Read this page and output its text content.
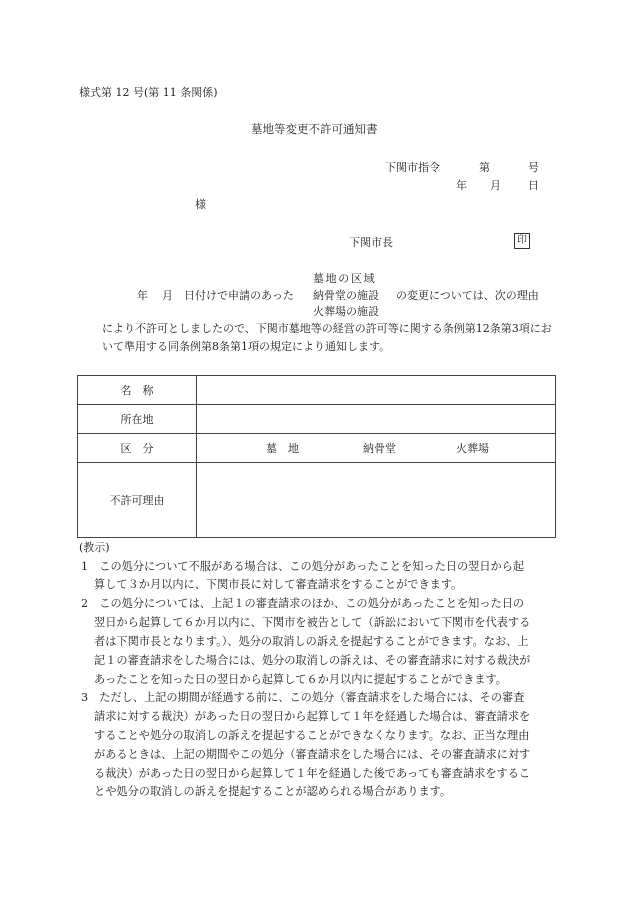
様式第 12 号(第 11 条関係)
墓地等変更不許可通知書
下関市指令	第	号
年 月 日
様
下関市長	印
墓地の区域
年 月 日付けで申請のあった 納骨堂の施設 の変更については、次の理由
火葬場の施設
により不許可としましたので、下関市墓地等の経営の許可等に関する条例第12条第3項にお
いて準用する同条例第8条第1項の規定により通知します。
名　称	
所在地	
区　分	墓　地 納骨堂 火葬場

不許可理由	
(教示)
1　この処分について不服がある場合は、この処分があったことを知った日の翌日から起
算して３か月以内に、下関市長に対して審査請求をすることができます。
2　この処分については、上記１の審査請求のほか、この処分があったことを知った日の
翌日から起算して６か月以内に、下関市を被告として（訴訟において下関市を代表する
者は下関市長となります。）、処分の取消しの訴えを提起することができます。なお、上
記１の審査請求をした場合には、処分の取消しの訴えは、その審査請求に対する裁決が
あったことを知った日の翌日から起算して６か月以内に提起することができます。
3　ただし、上記の期間が経過する前に、この処分（審査請求をした場合には、その審査
請求に対する裁決）があった日の翌日から起算して１年を経過した場合は、審査請求を
することや処分の取消しの訴えを提起することができなくなります。なお、正当な理由
があるときは、上記の期間やこの処分（審査請求をした場合には、その審査請求に対す
る裁決）があった日の翌日から起算して１年を経過した後であっても審査請求をするこ
とや処分の取消しの訴えを提起することが認められる場合があります。
